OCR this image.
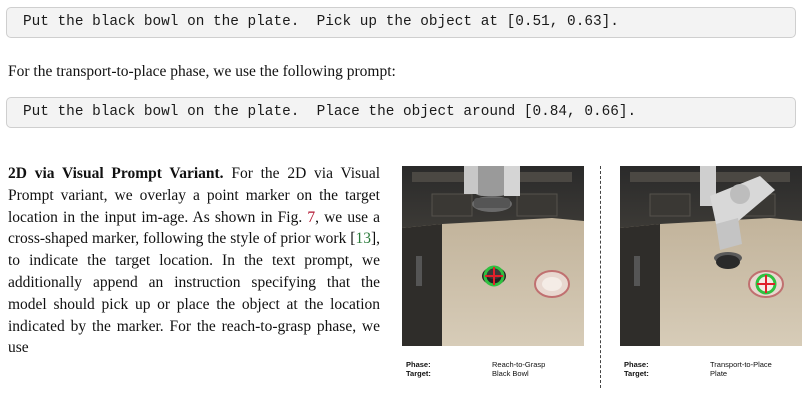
Put the black bowl on the plate.  Pick up the object at [0.51, 0.63].
For the transport-to-place phase, we use the following prompt:
Put the black bowl on the plate.  Place the object around [0.84, 0.66].
2D via Visual Prompt Variant. For the 2D via Visual Prompt variant, we overlay a point marker on the target location in the input im-age. As shown in Fig. 7, we use a cross-shaped marker, following the style of prior work [13], to indicate the target location. In the text prompt, we additionally append an instruction specifying that the model should pick up or place the object at the location indicated by the marker. For the reach-to-grasp phase, we use
Phase:
Target:
Reach-to-Grasp
Black Bowl
Phase:
Target:
Transport-to-Place
Plate
